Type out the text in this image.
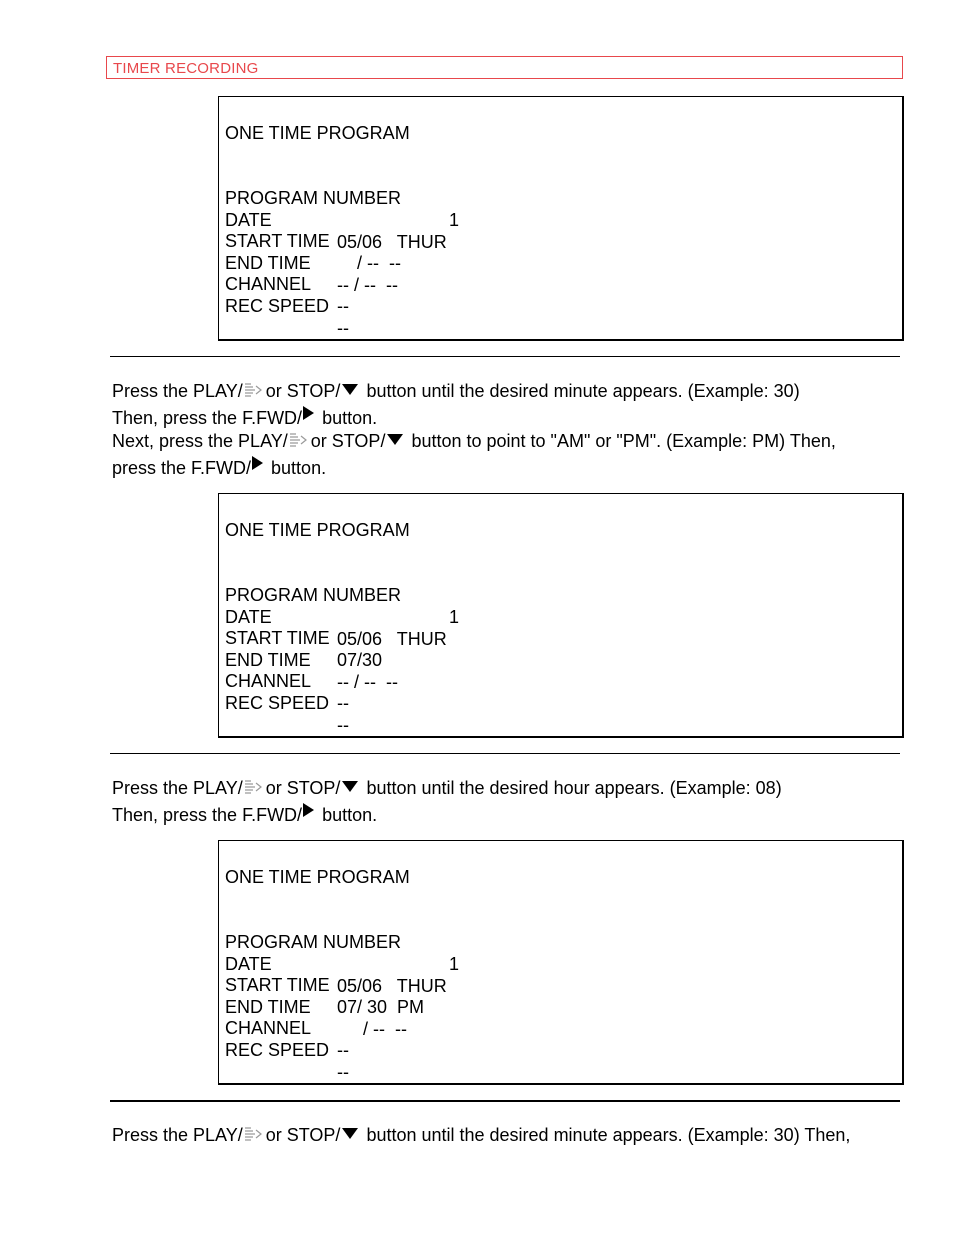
TIMER RECORDING
ONE TIME PROGRAM

PROGRAM NUMBER

1

DATE

05/06   THUR

START TIME

/ --  --

END TIME

-- / --  --

CHANNEL

--

REC SPEED

--

Press the PLAY/ or STOP/ button until the desired minute appears. (Example: 30)
Then, press the F.FWD/ button.
Next, press the PLAY/ or STOP/ button to point to "AM" or "PM". (Example: PM) Then,
press the F.FWD/ button.
ONE TIME PROGRAM

PROGRAM NUMBER

1

DATE

05/06   THUR

START TIME

07/30

END TIME

-- / --  --

CHANNEL

--

REC SPEED

--

Press the PLAY/ or STOP/ button until the desired hour appears. (Example: 08)
Then, press the F.FWD/ button.
ONE TIME PROGRAM

PROGRAM NUMBER

1

DATE

05/06   THUR

START TIME

07/ 30  PM

END TIME

/ --  --

CHANNEL

--

REC SPEED

--

Press the PLAY/ or STOP/ button until the desired minute appears. (Example: 30) Then,
